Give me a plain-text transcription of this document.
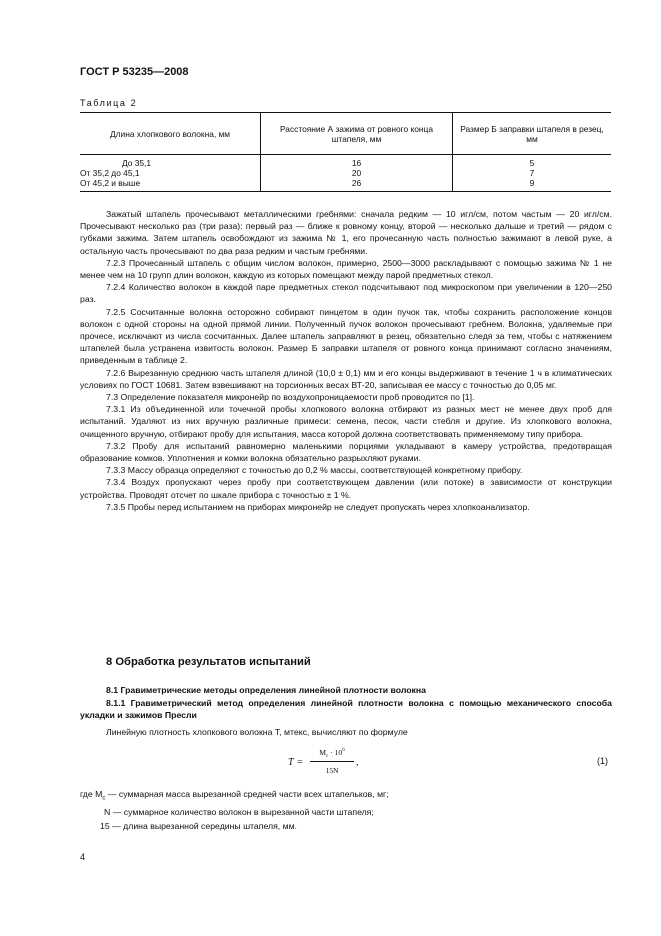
ГОСТ Р 53235—2008
Таблица 2
Длина хлопкового волокна, мм	Расстояние А зажима от ровного конца штапеля, мм	Размер Б заправки штапеля в резец, мм
До 35,1	16	5
От 35,2 до 45,1	20	7
От 45,2 и выше	26	9

Зажатый штапель прочесывают металлическими гребнями: сначала редким — 10 игл/см, потом частым — 20 игл/см. Прочесывают несколько раз (три раза): первый раз — ближе к ровному концу, второй — несколько дальше и третий — рядом с губками зажима. Затем штапель освобождают из зажима № 1, его прочесанную часть полностью зажимают в левой руке, а остальную часть прочесывают по два раза редким и частым гребнями.

7.2.3 Прочесанный штапель с общим числом волокон, примерно, 2500—3000 раскладывают с помощью зажима № 1 не менее чем на 10 групп длин волокон, каждую из которых помещают между парой предметных стекол.

7.2.4 Количество волокон в каждой паре предметных стекол подсчитывают под микроскопом при увеличении в 120—250 раз.

7.2.5 Сосчитанные волокна осторожно собирают пинцетом в один пучок так, чтобы сохранить расположение концов волокон с одной стороны на одной прямой линии. Полученный пучок волокон прочесывают гребнем. Волокна, удаляемые при прочесе, исключают из числа сосчитанных. Далее штапель заправляют в резец, обязательно следя за тем, чтобы с натяжением штапелей была устранена извитость волокон. Размер Б заправки штапеля от ровного конца принимают согласно значениям, приведенным в таблице 2.

7.2.6 Вырезанную среднюю часть штапеля длиной (10,0 ± 0,1) мм и его концы выдерживают в течение 1 ч в климатических условиях по ГОСТ 10681. Затем взвешивают на торсионных весах ВТ-20, записывая ее массу с точностью до 0,05 мг.

7.3 Определение показателя микронейр по воздухопроницаемости проб проводится по [1].

7.3.1 Из объединенной или точечной пробы хлопкового волокна отбирают из разных мест не менее двух проб для испытаний. Удаляют из них вручную различные примеси: семена, песок, части стебля и другие. Из хлопкового волокна, очищенного вручную, отбирают пробу для испытания, масса которой должна соответствовать применяемому типу прибора.

7.3.2 Пробу для испытаний равномерно маленькими порциями укладывают в камеру устройства, предотвращая образование комков. Уплотнения и комки волокна обязательно разрыхляют руками.

7.3.3 Массу образца определяют с точностью до 0,2 % массы, соответствующей конкретному прибору.

7.3.4 Воздух пропускают через пробу при соответствующем давлении (или потоке) в зависимости от конструкции устройства. Проводят отсчет по шкале прибора с точностью ± 1 %.

7.3.5 Пробы перед испытанием на приборах микронейр не следует пропускать через хлопкоанализатор.

8 Обработка результатов испытаний

8.1 Гравиметрические методы определения линейной плотности волокна

8.1.1 Гравиметрический метод определения линейной плотности волокна с помощью механического способа укладки и зажимов Пресли

Линейную плотность хлопкового волокна T, мтекс, вычисляют по формуле
T =
$M_c \cdot 10^6$
15N
,	(1)
где $M_c$ — суммарная масса вырезанной средней части всех штапельков, мг;
N — суммарное количество волокон в вырезанной части штапеля;
15 — длина вырезанной середины штапеля, мм.
4
